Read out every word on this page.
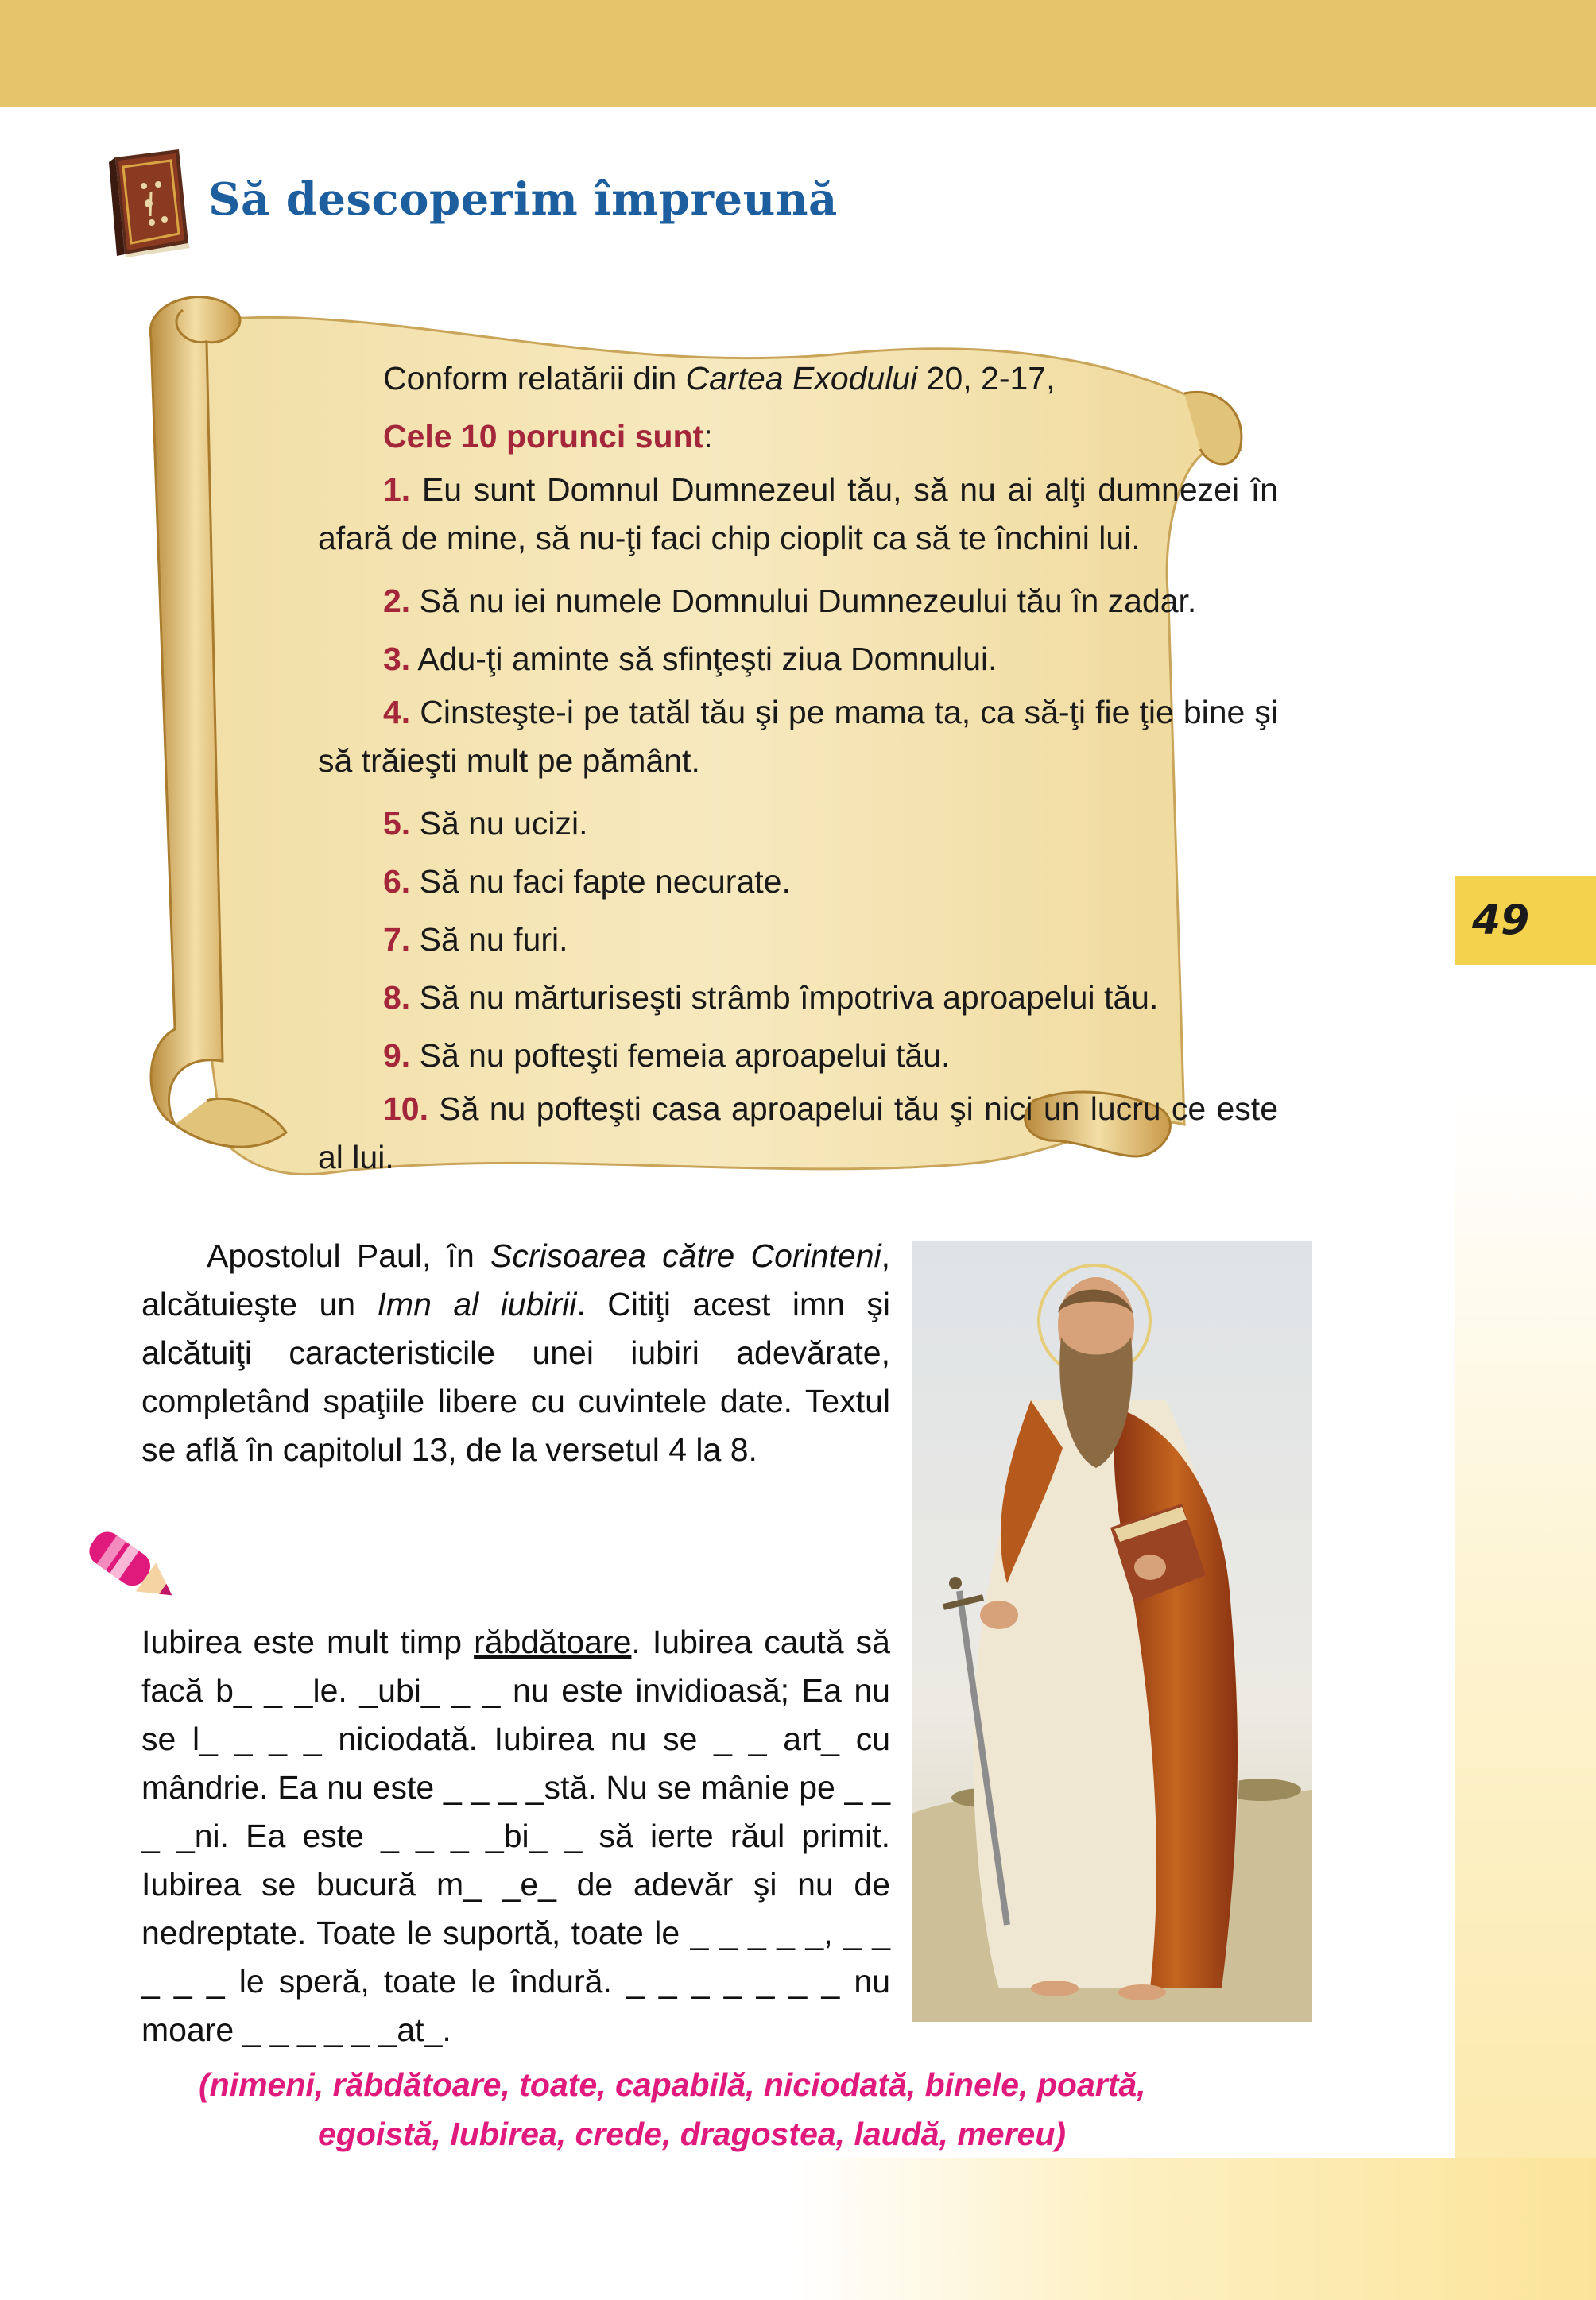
49
Să descoperim împreună

Conform relatării din Cartea Exodului 20, 2-17,

Cele 10 porunci sunt:

1. Eu sunt Domnul Dumnezeul tău, să nu ai alţi dumnezei în afară de mine, să nu-ţi faci chip cioplit ca să te închini lui.

2. Să nu iei numele Domnului Dumnezeului tău în zadar.

3. Adu-ţi aminte să sfinţeşti ziua Domnului.

4. Cinsteşte-i pe tatăl tău şi pe mama ta, ca să-ţi fie ţie bine şi să trăieşti mult pe pământ.

5. Să nu ucizi.

6. Să nu faci fapte necurate.

7. Să nu furi.

8. Să nu mărturiseşti strâmb împotriva aproapelui tău.

9. Să nu pofteşti femeia aproapelui tău.

10. Să nu pofteşti casa aproapelui tău şi nici un lucru ce este al lui.

Apostolul Paul, în Scrisoarea către Corinteni, alcătuieşte un Imn al iubirii. Citiţi acest imn şi alcătuiţi caracteristicile unei iubiri adevărate, completând spaţiile libere cu cuvintele date. Textul se află în capitolul 13, de la versetul 4 la 8.

Iubirea este mult timp răbdătoare. Iubirea caută să facă b_ _ _le. _ubi_ _ _ nu este invidioasă; Ea nu se l_ _ _ _ niciodată. Iubirea nu se _ _ art_ cu mândrie. Ea nu este _ _ _ _stă. Nu se mânie pe _ _ _ _ni. Ea este _ _ _ _bi_ _ să ierte răul primit. Iubirea se bucură m_ _e_ de adevăr şi nu de nedreptate. Toate le suportă, toate le _ _ _ _ _, _ _ _ _ _ le speră, toate le îndură. _ _ _ _ _ _ _ nu moare _ _ _ _ _ _at_.

(nimeni, răbdătoare, toate, capabilă, niciodată, binele, poartă,

egoistă, Iubirea, crede, dragostea, laudă, mereu)
